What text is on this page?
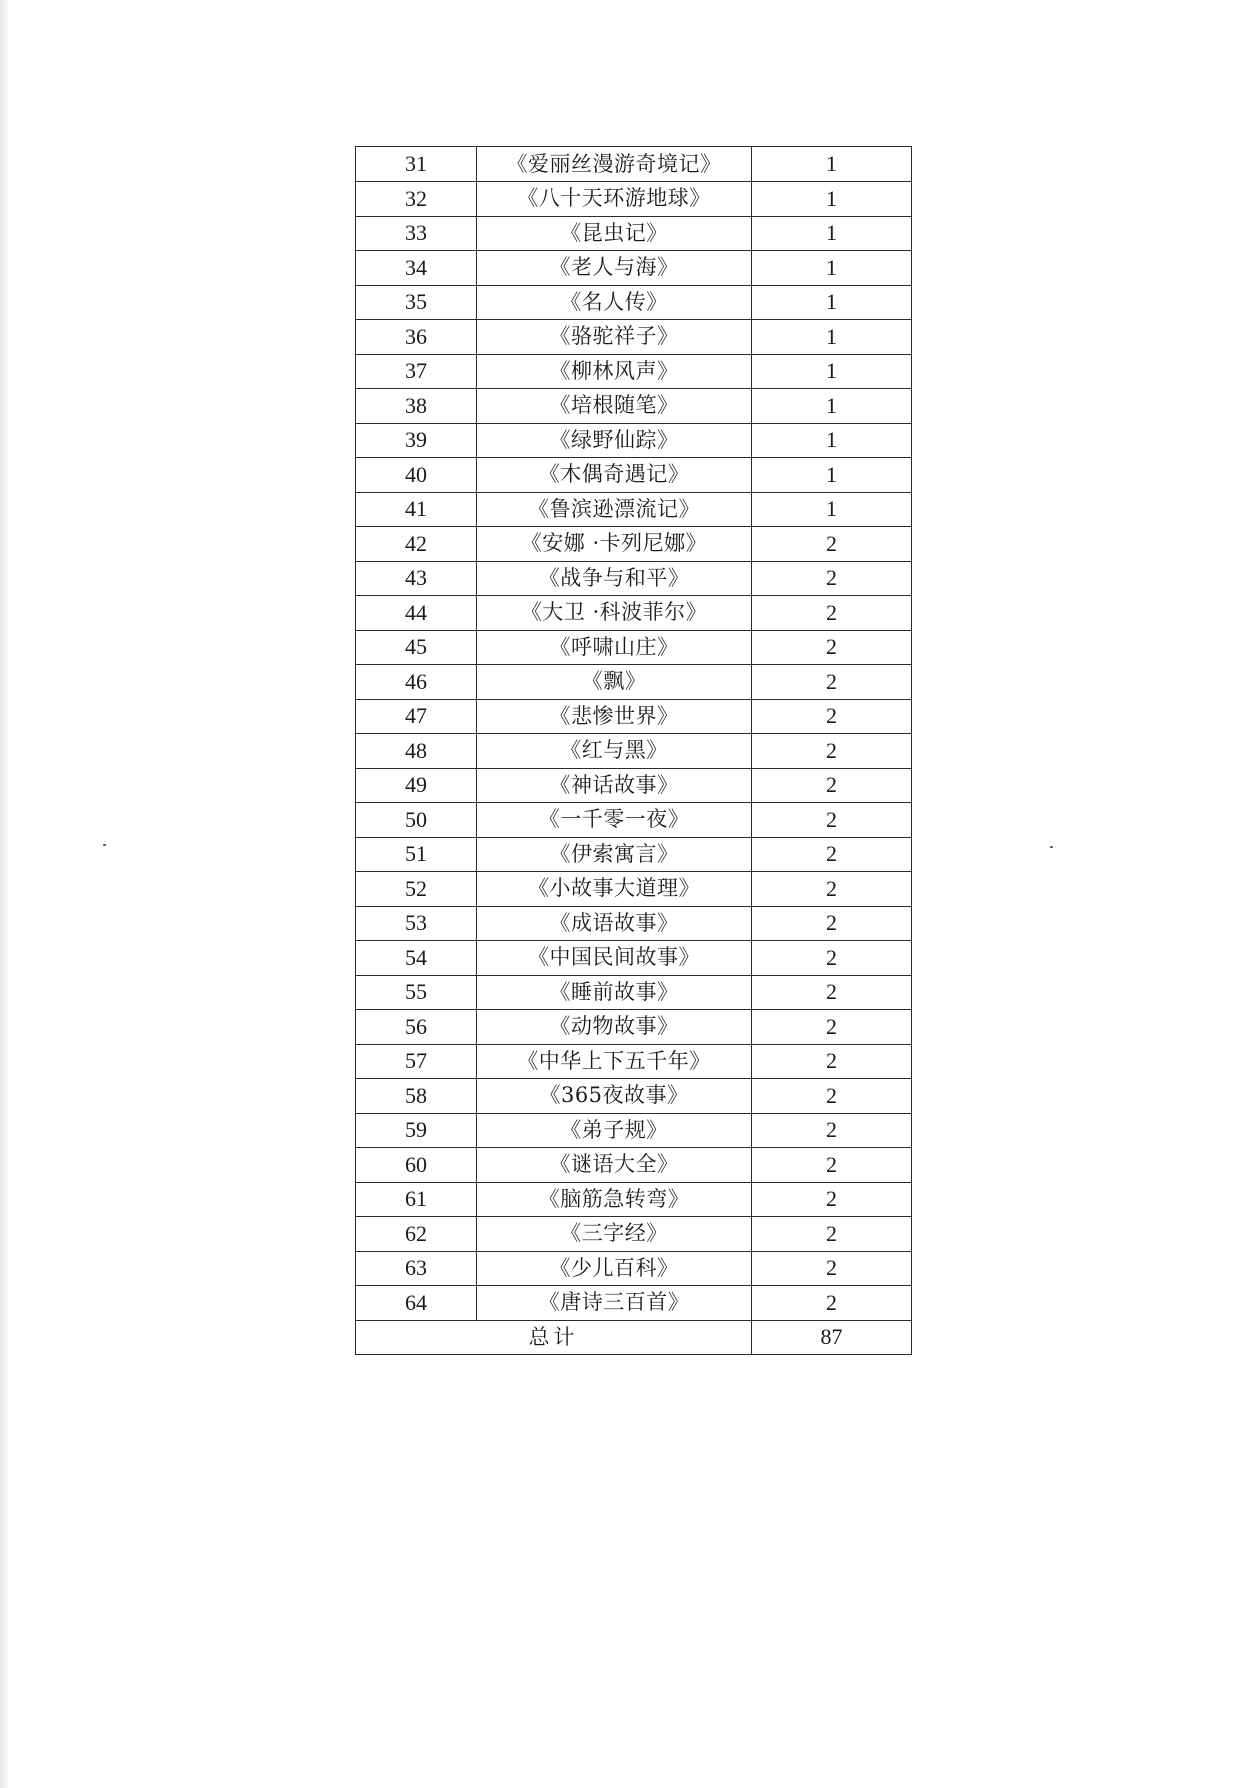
31	《爱丽丝漫游奇境记》	1
32	《八十天环游地球》	1
33	《昆虫记》	1
34	《老人与海》	1
35	《名人传》	1
36	《骆驼祥子》	1
37	《柳林风声》	1
38	《培根随笔》	1
39	《绿野仙踪》	1
40	《木偶奇遇记》	1
41	《鲁滨逊漂流记》	1
42	《安娜 ·卡列尼娜》	2
43	《战争与和平》	2
44	《大卫 ·科波菲尔》	2
45	《呼啸山庄》	2
46	《飘》	2
47	《悲惨世界》	2
48	《红与黑》	2
49	《神话故事》	2
50	《一千零一夜》	2
51	《伊索寓言》	2
52	《小故事大道理》	2
53	《成语故事》	2
54	《中国民间故事》	2
55	《睡前故事》	2
56	《动物故事》	2
57	《中华上下五千年》	2
58	《365夜故事》	2
59	《弟子规》	2
60	《谜语大全》	2
61	《脑筋急转弯》	2
62	《三字经》	2
63	《少儿百科》	2
64	《唐诗三百首》	2
总计		87
